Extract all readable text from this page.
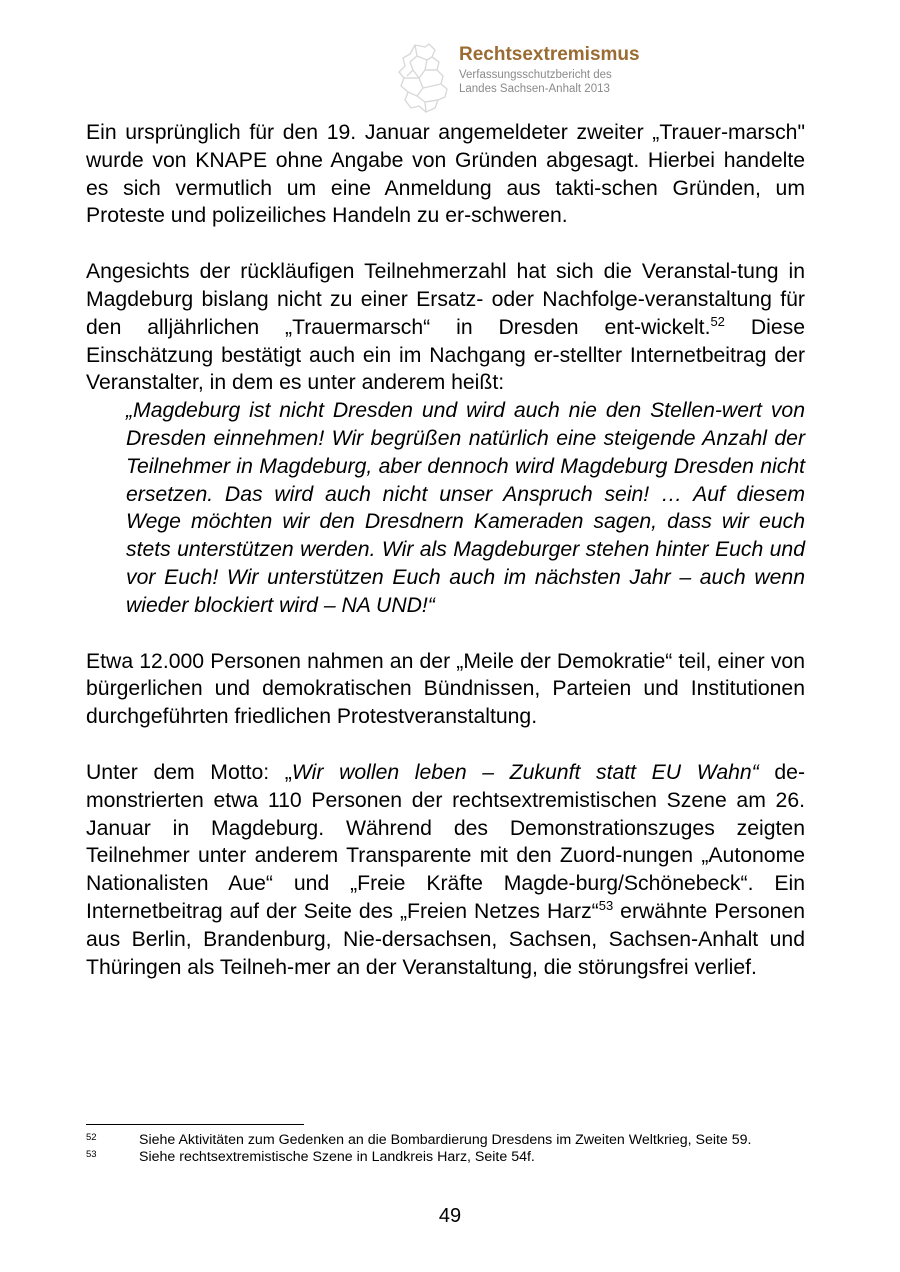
Rechtsextremismus
Verfassungsschutzbericht des
Landes Sachsen-Anhalt 2013

Ein ursprünglich für den 19. Januar angemeldeter zweiter „Trauer-marsch" wurde von KNAPE ohne Angabe von Gründen abgesagt. Hierbei handelte es sich vermutlich um eine Anmeldung aus takti-schen Gründen, um Proteste und polizeiliches Handeln zu er-schweren.

Angesichts der rückläufigen Teilnehmerzahl hat sich die Veranstal-tung in Magdeburg bislang nicht zu einer Ersatz- oder Nachfolge-veranstaltung für den alljährlichen „Trauermarsch“ in Dresden ent-wickelt.$^{52}$ Diese Einschätzung bestätigt auch ein im Nachgang er-stellter Internetbeitrag der Veranstalter, in dem es unter anderem heißt:

„Magdeburg ist nicht Dresden und wird auch nie den Stellen-wert von Dresden einnehmen! Wir begrüßen natürlich eine steigende Anzahl der Teilnehmer in Magdeburg, aber dennoch wird Magdeburg Dresden nicht ersetzen. Das wird auch nicht unser Anspruch sein! … Auf diesem Wege möchten wir den Dresdnern Kameraden sagen, dass wir euch stets unterstützen werden. Wir als Magdeburger stehen hinter Euch und vor Euch! Wir unterstützen Euch auch im nächsten Jahr – auch wenn wieder blockiert wird – NA UND!“

Etwa 12.000 Personen nahmen an der „Meile der Demokratie“ teil, einer von bürgerlichen und demokratischen Bündnissen, Parteien und Institutionen durchgeführten friedlichen Protestveranstaltung.

Unter dem Motto: „Wir wollen leben – Zukunft statt EU Wahn“ de-monstrierten etwa 110 Personen der rechtsextremistischen Szene am 26. Januar in Magdeburg. Während des Demonstrationszuges zeigten Teilnehmer unter anderem Transparente mit den Zuord-nungen „Autonome Nationalisten Aue“ und „Freie Kräfte Magde-burg/Schönebeck“. Ein Internetbeitrag auf der Seite des „Freien Netzes Harz“$^{53}$ erwähnte Personen aus Berlin, Brandenburg, Nie-dersachsen, Sachsen, Sachsen-Anhalt und Thüringen als Teilneh-mer an der Veranstaltung, die störungsfrei verlief.

52	Siehe Aktivitäten zum Gedenken an die Bombardierung Dresdens im Zweiten Weltkrieg, Seite 59.
53	Siehe rechtsextremistische Szene in Landkreis Harz, Seite 54f.
49
